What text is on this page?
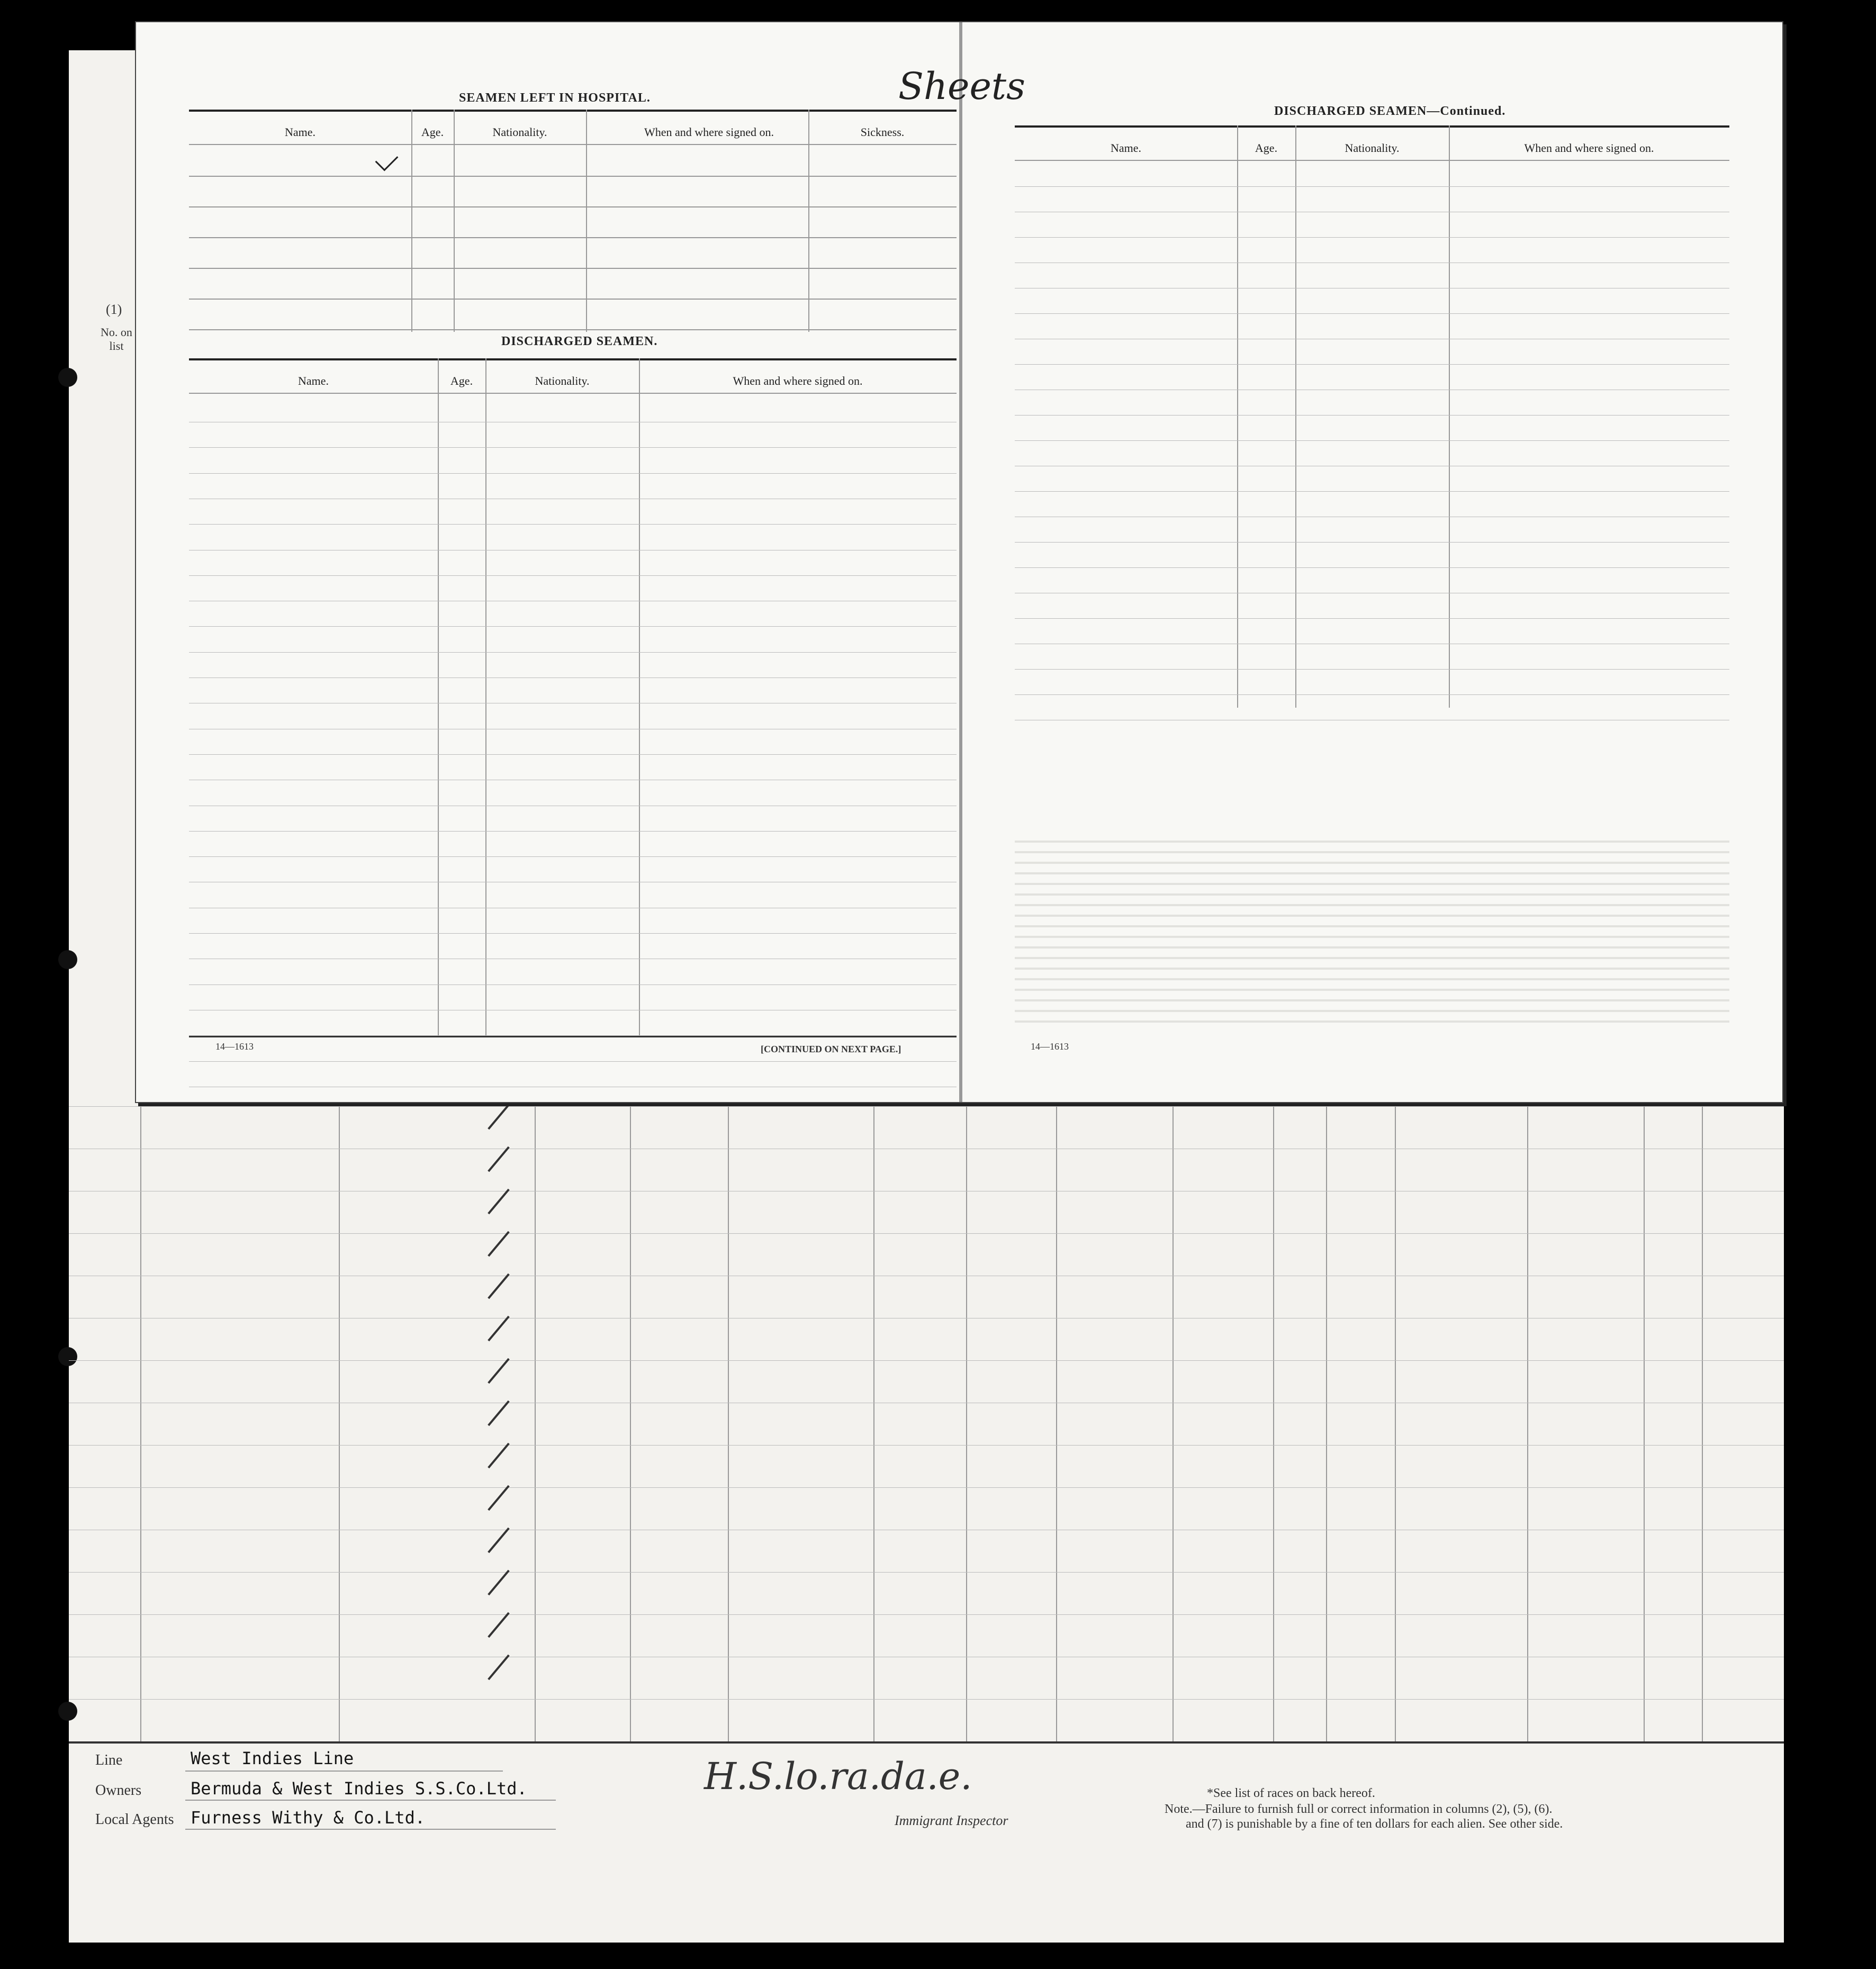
(1)
No. on list
Line	West Indies Line
Owners	Bermuda & West Indies S.S.Co.Ltd.
Local Agents Furness Withy & Co.Ltd.
H.S.lo.ra.da.e.
Immigrant Inspector
*See list of races on back hereof.
Note.—Failure to furnish full or correct information in columns (2), (5), (6).
and (7) is punishable by a fine of ten dollars for each alien. See other side.
SEAMEN LEFT IN HOSPITAL.
Name.	Age.	Nationality.	When and where signed on.	Sickness.
Sheets
DISCHARGED SEAMEN.
Name.	Age.	Nationality.	When and where signed on.
14—1613	[CONTINUED ON NEXT PAGE.]
DISCHARGED SEAMEN—Continued.
Name.	Age.	Nationality.	When and where signed on.
14—1613
